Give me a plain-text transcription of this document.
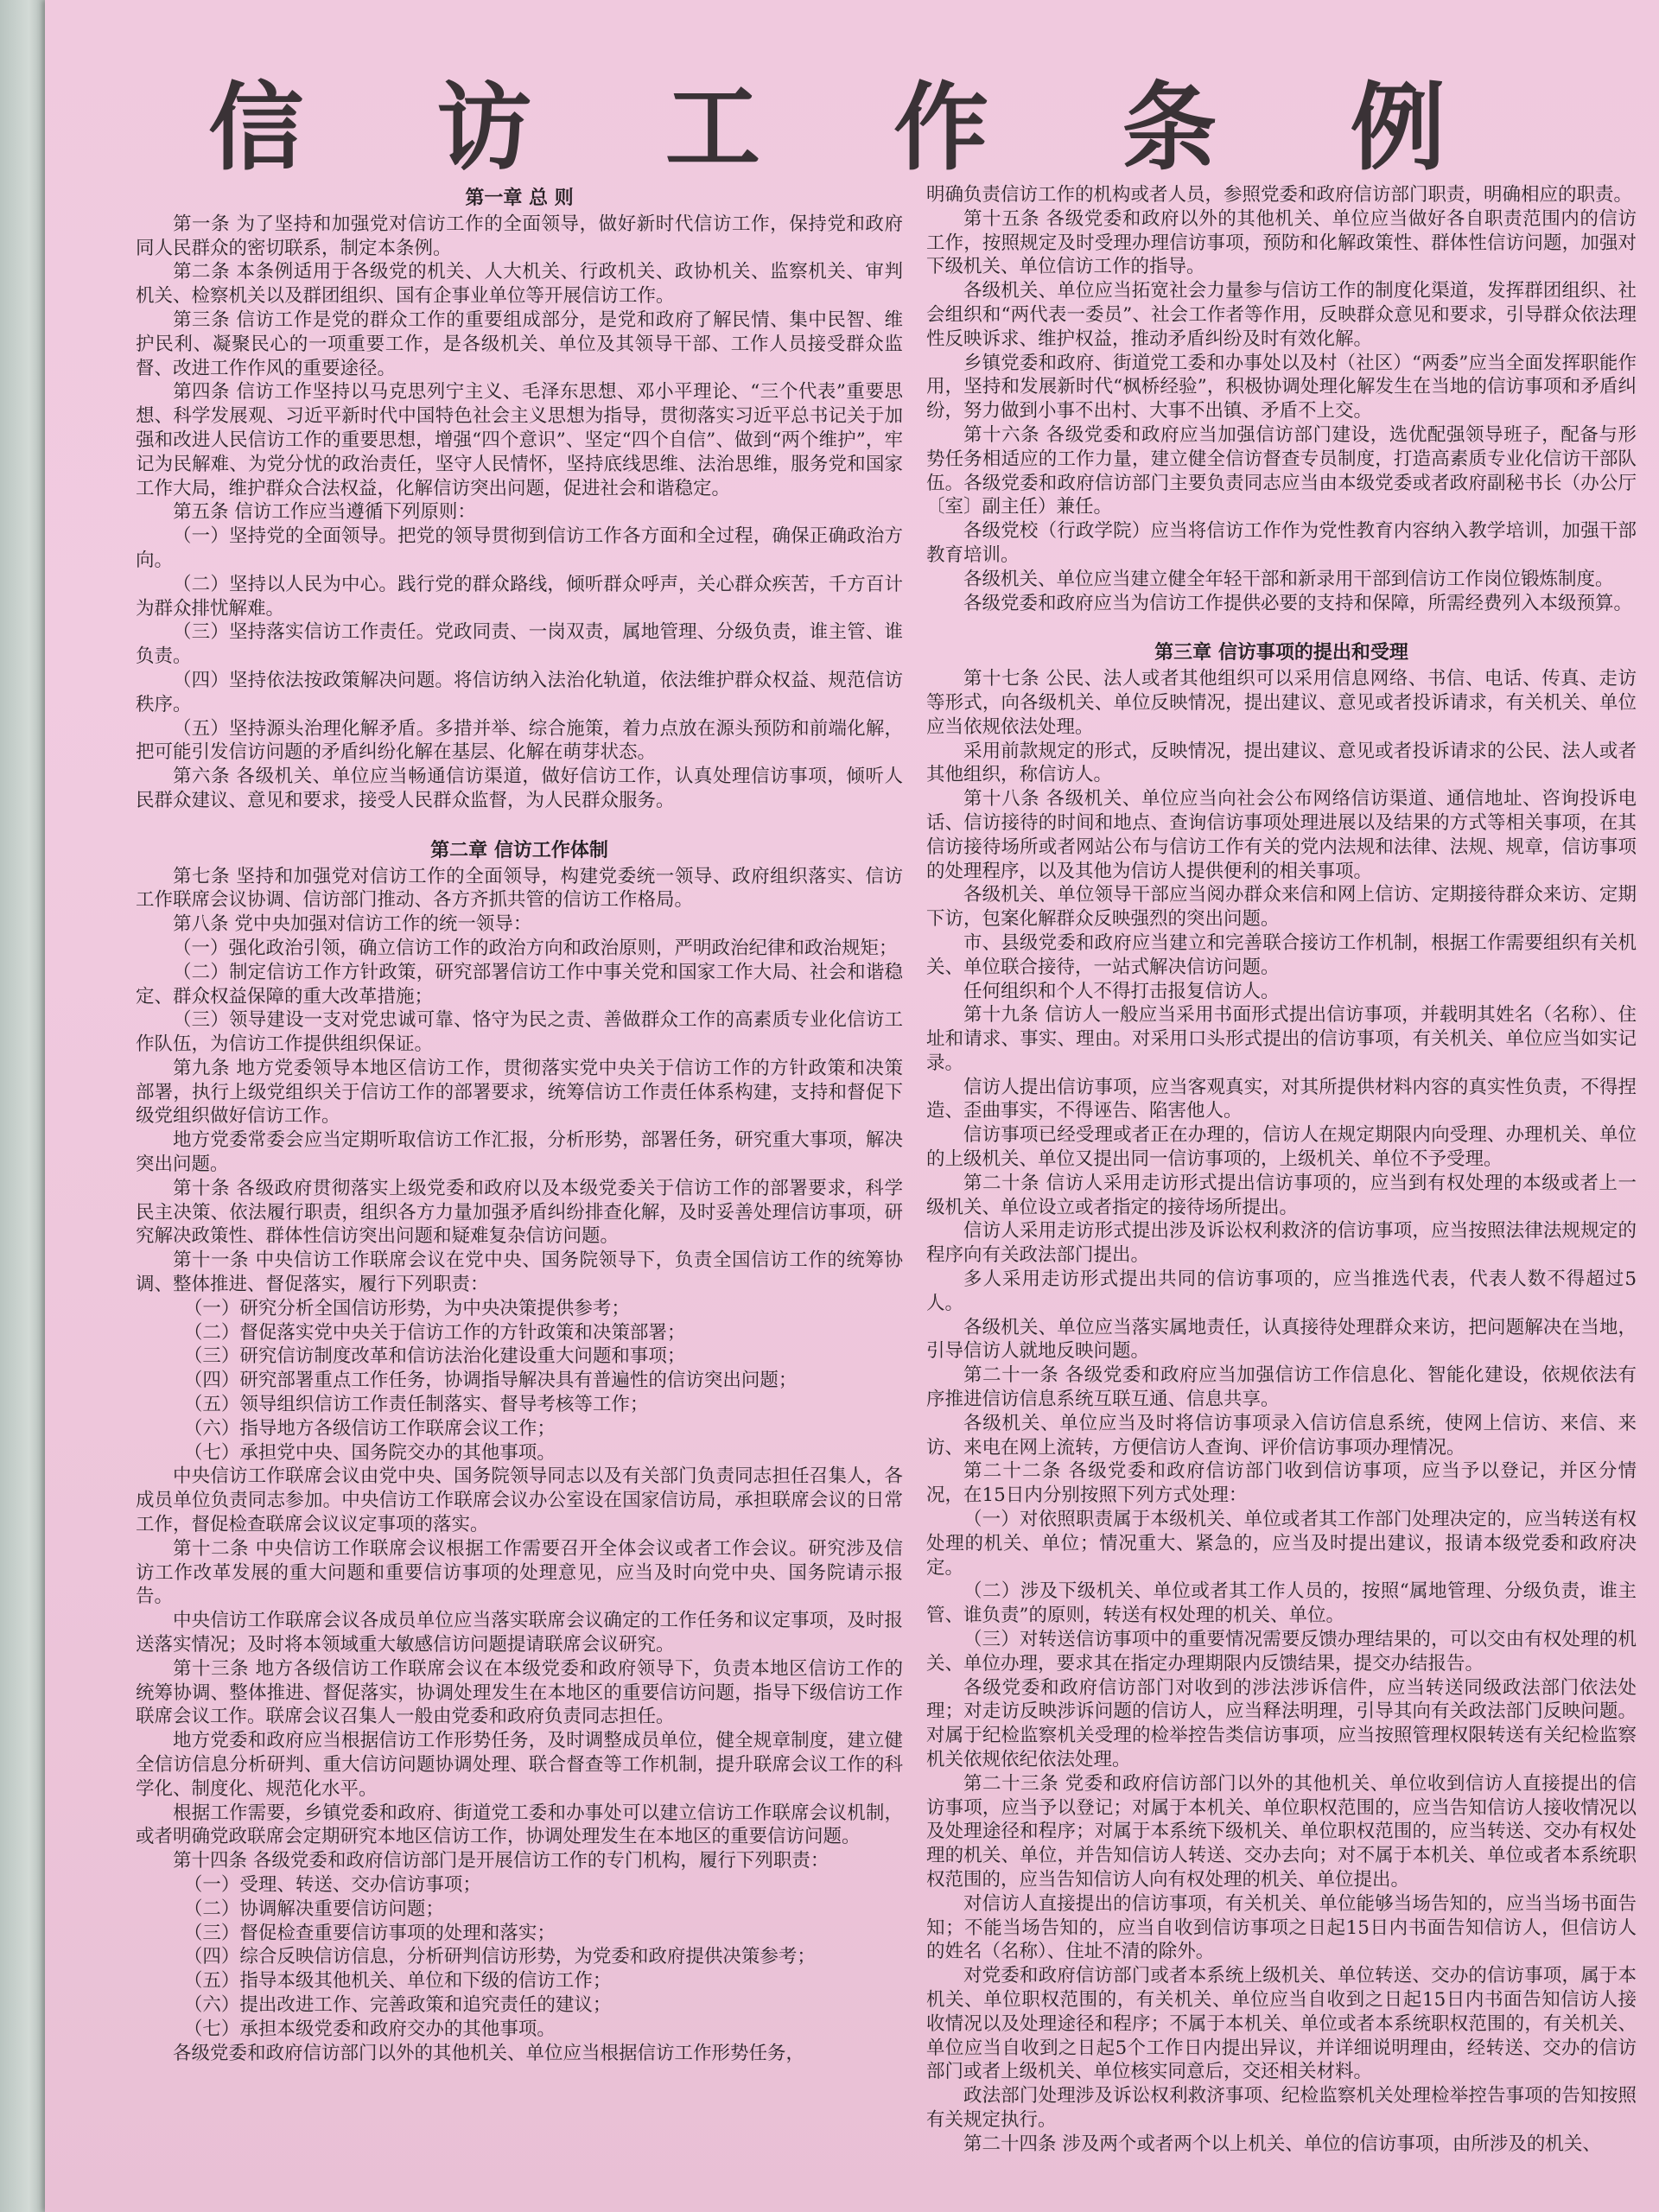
信 访 工 作 条 例
第一章 总 则

第一条 为了坚持和加强党对信访工作的全面领导，做好新时代信访工作，保持党和政府同人民群众的密切联系，制定本条例。

第二条 本条例适用于各级党的机关、人大机关、行政机关、政协机关、监察机关、审判机关、检察机关以及群团组织、国有企事业单位等开展信访工作。

第三条 信访工作是党的群众工作的重要组成部分，是党和政府了解民情、集中民智、维护民利、凝聚民心的一项重要工作，是各级机关、单位及其领导干部、工作人员接受群众监督、改进工作作风的重要途径。

第四条 信访工作坚持以马克思列宁主义、毛泽东思想、邓小平理论、“三个代表”重要思想、科学发展观、习近平新时代中国特色社会主义思想为指导，贯彻落实习近平总书记关于加强和改进人民信访工作的重要思想，增强“四个意识”、坚定“四个自信”、做到“两个维护”，牢记为民解难、为党分忧的政治责任，坚守人民情怀，坚持底线思维、法治思维，服务党和国家工作大局，维护群众合法权益，化解信访突出问题，促进社会和谐稳定。

第五条 信访工作应当遵循下列原则：

（一）坚持党的全面领导。把党的领导贯彻到信访工作各方面和全过程，确保正确政治方向。

（二）坚持以人民为中心。践行党的群众路线，倾听群众呼声，关心群众疾苦，千方百计为群众排忧解难。

（三）坚持落实信访工作责任。党政同责、一岗双责，属地管理、分级负责，谁主管、谁负责。

（四）坚持依法按政策解决问题。将信访纳入法治化轨道，依法维护群众权益、规范信访秩序。

（五）坚持源头治理化解矛盾。多措并举、综合施策，着力点放在源头预防和前端化解，把可能引发信访问题的矛盾纠纷化解在基层、化解在萌芽状态。

第六条 各级机关、单位应当畅通信访渠道，做好信访工作，认真处理信访事项，倾听人民群众建议、意见和要求，接受人民群众监督，为人民群众服务。

第二章 信访工作体制

第七条 坚持和加强党对信访工作的全面领导，构建党委统一领导、政府组织落实、信访工作联席会议协调、信访部门推动、各方齐抓共管的信访工作格局。

第八条 党中央加强对信访工作的统一领导：

（一）强化政治引领，确立信访工作的政治方向和政治原则，严明政治纪律和政治规矩；

（二）制定信访工作方针政策，研究部署信访工作中事关党和国家工作大局、社会和谐稳定、群众权益保障的重大改革措施；

（三）领导建设一支对党忠诚可靠、恪守为民之责、善做群众工作的高素质专业化信访工作队伍，为信访工作提供组织保证。

第九条 地方党委领导本地区信访工作，贯彻落实党中央关于信访工作的方针政策和决策部署，执行上级党组织关于信访工作的部署要求，统筹信访工作责任体系构建，支持和督促下级党组织做好信访工作。

地方党委常委会应当定期听取信访工作汇报，分析形势，部署任务，研究重大事项，解决突出问题。

第十条 各级政府贯彻落实上级党委和政府以及本级党委关于信访工作的部署要求，科学民主决策、依法履行职责，组织各方力量加强矛盾纠纷排查化解，及时妥善处理信访事项，研究解决政策性、群体性信访突出问题和疑难复杂信访问题。

第十一条 中央信访工作联席会议在党中央、国务院领导下，负责全国信访工作的统筹协调、整体推进、督促落实，履行下列职责：

（一）研究分析全国信访形势，为中央决策提供参考；

（二）督促落实党中央关于信访工作的方针政策和决策部署；

（三）研究信访制度改革和信访法治化建设重大问题和事项；

（四）研究部署重点工作任务，协调指导解决具有普遍性的信访突出问题；

（五）领导组织信访工作责任制落实、督导考核等工作；

（六）指导地方各级信访工作联席会议工作；

（七）承担党中央、国务院交办的其他事项。

中央信访工作联席会议由党中央、国务院领导同志以及有关部门负责同志担任召集人，各成员单位负责同志参加。中央信访工作联席会议办公室设在国家信访局，承担联席会议的日常工作，督促检查联席会议议定事项的落实。

第十二条 中央信访工作联席会议根据工作需要召开全体会议或者工作会议。研究涉及信访工作改革发展的重大问题和重要信访事项的处理意见，应当及时向党中央、国务院请示报告。

中央信访工作联席会议各成员单位应当落实联席会议确定的工作任务和议定事项，及时报送落实情况；及时将本领域重大敏感信访问题提请联席会议研究。

第十三条 地方各级信访工作联席会议在本级党委和政府领导下，负责本地区信访工作的统筹协调、整体推进、督促落实，协调处理发生在本地区的重要信访问题，指导下级信访工作联席会议工作。联席会议召集人一般由党委和政府负责同志担任。

地方党委和政府应当根据信访工作形势任务，及时调整成员单位，健全规章制度，建立健全信访信息分析研判、重大信访问题协调处理、联合督查等工作机制，提升联席会议工作的科学化、制度化、规范化水平。

根据工作需要，乡镇党委和政府、街道党工委和办事处可以建立信访工作联席会议机制，或者明确党政联席会定期研究本地区信访工作，协调处理发生在本地区的重要信访问题。

第十四条 各级党委和政府信访部门是开展信访工作的专门机构，履行下列职责：

（一）受理、转送、交办信访事项；

（二）协调解决重要信访问题；

（三）督促检查重要信访事项的处理和落实；

（四）综合反映信访信息，分析研判信访形势，为党委和政府提供决策参考；

（五）指导本级其他机关、单位和下级的信访工作；

（六）提出改进工作、完善政策和追究责任的建议；

（七）承担本级党委和政府交办的其他事项。

各级党委和政府信访部门以外的其他机关、单位应当根据信访工作形势任务，

明确负责信访工作的机构或者人员，参照党委和政府信访部门职责，明确相应的职责。

第十五条 各级党委和政府以外的其他机关、单位应当做好各自职责范围内的信访工作，按照规定及时受理办理信访事项，预防和化解政策性、群体性信访问题，加强对下级机关、单位信访工作的指导。

各级机关、单位应当拓宽社会力量参与信访工作的制度化渠道，发挥群团组织、社会组织和“两代表一委员”、社会工作者等作用，反映群众意见和要求，引导群众依法理性反映诉求、维护权益，推动矛盾纠纷及时有效化解。

乡镇党委和政府、街道党工委和办事处以及村（社区）“两委”应当全面发挥职能作用，坚持和发展新时代“枫桥经验”，积极协调处理化解发生在当地的信访事项和矛盾纠纷，努力做到小事不出村、大事不出镇、矛盾不上交。

第十六条 各级党委和政府应当加强信访部门建设，选优配强领导班子，配备与形势任务相适应的工作力量，建立健全信访督查专员制度，打造高素质专业化信访干部队伍。各级党委和政府信访部门主要负责同志应当由本级党委或者政府副秘书长（办公厅〔室〕副主任）兼任。

各级党校（行政学院）应当将信访工作作为党性教育内容纳入教学培训，加强干部教育培训。

各级机关、单位应当建立健全年轻干部和新录用干部到信访工作岗位锻炼制度。

各级党委和政府应当为信访工作提供必要的支持和保障，所需经费列入本级预算。

第三章 信访事项的提出和受理

第十七条 公民、法人或者其他组织可以采用信息网络、书信、电话、传真、走访等形式，向各级机关、单位反映情况，提出建议、意见或者投诉请求，有关机关、单位应当依规依法处理。

采用前款规定的形式，反映情况，提出建议、意见或者投诉请求的公民、法人或者其他组织，称信访人。

第十八条 各级机关、单位应当向社会公布网络信访渠道、通信地址、咨询投诉电话、信访接待的时间和地点、查询信访事项处理进展以及结果的方式等相关事项，在其信访接待场所或者网站公布与信访工作有关的党内法规和法律、法规、规章，信访事项的处理程序，以及其他为信访人提供便利的相关事项。

各级机关、单位领导干部应当阅办群众来信和网上信访、定期接待群众来访、定期下访，包案化解群众反映强烈的突出问题。

市、县级党委和政府应当建立和完善联合接访工作机制，根据工作需要组织有关机关、单位联合接待，一站式解决信访问题。

任何组织和个人不得打击报复信访人。

第十九条 信访人一般应当采用书面形式提出信访事项，并载明其姓名（名称）、住址和请求、事实、理由。对采用口头形式提出的信访事项，有关机关、单位应当如实记录。

信访人提出信访事项，应当客观真实，对其所提供材料内容的真实性负责，不得捏造、歪曲事实，不得诬告、陷害他人。

信访事项已经受理或者正在办理的，信访人在规定期限内向受理、办理机关、单位的上级机关、单位又提出同一信访事项的，上级机关、单位不予受理。

第二十条 信访人采用走访形式提出信访事项的，应当到有权处理的本级或者上一级机关、单位设立或者指定的接待场所提出。

信访人采用走访形式提出涉及诉讼权利救济的信访事项，应当按照法律法规规定的程序向有关政法部门提出。

多人采用走访形式提出共同的信访事项的，应当推选代表，代表人数不得超过5人。

各级机关、单位应当落实属地责任，认真接待处理群众来访，把问题解决在当地，引导信访人就地反映问题。

第二十一条 各级党委和政府应当加强信访工作信息化、智能化建设，依规依法有序推进信访信息系统互联互通、信息共享。

各级机关、单位应当及时将信访事项录入信访信息系统，使网上信访、来信、来访、来电在网上流转，方便信访人查询、评价信访事项办理情况。

第二十二条 各级党委和政府信访部门收到信访事项，应当予以登记，并区分情况，在15日内分别按照下列方式处理：

（一）对依照职责属于本级机关、单位或者其工作部门处理决定的，应当转送有权处理的机关、单位；情况重大、紧急的，应当及时提出建议，报请本级党委和政府决定。

（二）涉及下级机关、单位或者其工作人员的，按照“属地管理、分级负责，谁主管、谁负责”的原则，转送有权处理的机关、单位。

（三）对转送信访事项中的重要情况需要反馈办理结果的，可以交由有权处理的机关、单位办理，要求其在指定办理期限内反馈结果，提交办结报告。

各级党委和政府信访部门对收到的涉法涉诉信件，应当转送同级政法部门依法处理；对走访反映涉诉问题的信访人，应当释法明理，引导其向有关政法部门反映问题。对属于纪检监察机关受理的检举控告类信访事项，应当按照管理权限转送有关纪检监察机关依规依纪依法处理。

第二十三条 党委和政府信访部门以外的其他机关、单位收到信访人直接提出的信访事项，应当予以登记；对属于本机关、单位职权范围的，应当告知信访人接收情况以及处理途径和程序；对属于本系统下级机关、单位职权范围的，应当转送、交办有权处理的机关、单位，并告知信访人转送、交办去向；对不属于本机关、单位或者本系统职权范围的，应当告知信访人向有权处理的机关、单位提出。

对信访人直接提出的信访事项，有关机关、单位能够当场告知的，应当当场书面告知；不能当场告知的，应当自收到信访事项之日起15日内书面告知信访人，但信访人的姓名（名称）、住址不清的除外。

对党委和政府信访部门或者本系统上级机关、单位转送、交办的信访事项，属于本机关、单位职权范围的，有关机关、单位应当自收到之日起15日内书面告知信访人接收情况以及处理途径和程序；不属于本机关、单位或者本系统职权范围的，有关机关、单位应当自收到之日起5个工作日内提出异议，并详细说明理由，经转送、交办的信访部门或者上级机关、单位核实同意后，交还相关材料。

政法部门处理涉及诉讼权利救济事项、纪检监察机关处理检举控告事项的告知按照有关规定执行。

第二十四条 涉及两个或者两个以上机关、单位的信访事项，由所涉及的机关、
